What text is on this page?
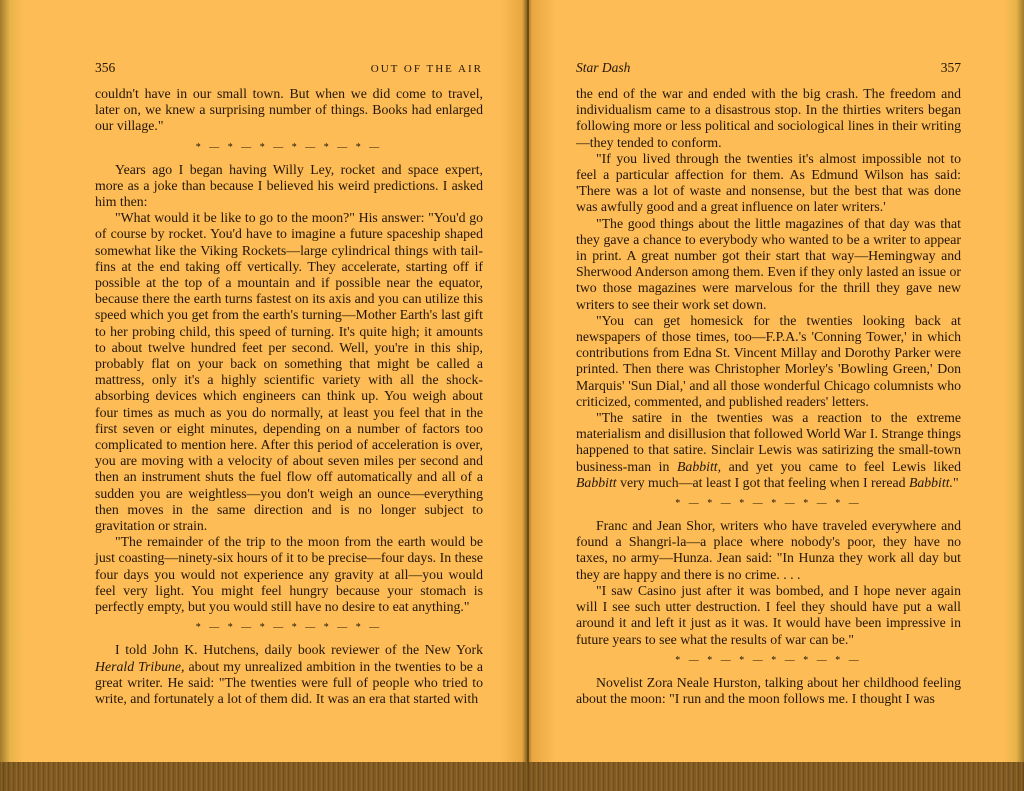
356	OUT OF THE AIR

couldn't have in our small town. But when we did come to travel, later on, we knew a surprising number of things. Books had enlarged our village."

* — * — * — * — * — * —

Years ago I began having Willy Ley, rocket and space expert, more as a joke than because I believed his weird predictions. I asked him then:

"What would it be like to go to the moon?" His answer: "You'd go of course by rocket. You'd have to imagine a future spaceship shaped somewhat like the Viking Rockets—large cylindrical things with tail-fins at the end taking off vertically. They accelerate, starting off if possible at the top of a mountain and if possible near the equator, because there the earth turns fastest on its axis and you can utilize this speed which you get from the earth's turning—Mother Earth's last gift to her probing child, this speed of turning. It's quite high; it amounts to about twelve hundred feet per second. Well, you're in this ship, probably flat on your back on something that might be called a mattress, only it's a highly scientific variety with all the shock-absorbing devices which engineers can think up. You weigh about four times as much as you do normally, at least you feel that in the first seven or eight minutes, depending on a number of factors too complicated to mention here. After this period of acceleration is over, you are moving with a velocity of about seven miles per second and then an instrument shuts the fuel flow off automatically and all of a sudden you are weightless—you don't weigh an ounce—everything then moves in the same direction and is no longer subject to gravitation or strain.

"The remainder of the trip to the moon from the earth would be just coasting—ninety-six hours of it to be precise—four days. In these four days you would not experience any gravity at all—you would feel very light. You might feel hungry because your stomach is perfectly empty, but you would still have no desire to eat anything."

* — * — * — * — * — * —

I told John K. Hutchens, daily book reviewer of the New York Herald Tribune, about my unrealized ambition in the twenties to be a great writer. He said: "The twenties were full of people who tried to write, and fortunately a lot of them did. It was an era that started with

Star Dash	357

the end of the war and ended with the big crash. The freedom and individualism came to a disastrous stop. In the thirties writers began following more or less political and sociological lines in their writing—they tended to conform.

"If you lived through the twenties it's almost impossible not to feel a particular affection for them. As Edmund Wilson has said: 'There was a lot of waste and nonsense, but the best that was done was awfully good and a great influence on later writers.'

"The good things about the little magazines of that day was that they gave a chance to everybody who wanted to be a writer to appear in print. A great number got their start that way—Hemingway and Sherwood Anderson among them. Even if they only lasted an issue or two those magazines were marvelous for the thrill they gave new writers to see their work set down.

"You can get homesick for the twenties looking back at newspapers of those times, too—F.P.A.'s 'Conning Tower,' in which contributions from Edna St. Vincent Millay and Dorothy Parker were printed. Then there was Christopher Morley's 'Bowling Green,' Don Marquis' 'Sun Dial,' and all those wonderful Chicago columnists who criticized, commented, and published readers' letters.

"The satire in the twenties was a reaction to the extreme materialism and disillusion that followed World War I. Strange things happened to that satire. Sinclair Lewis was satirizing the small-town business-man in Babbitt, and yet you came to feel Lewis liked Babbitt very much—at least I got that feeling when I reread Babbitt."

* — * — * — * — * — * —

Franc and Jean Shor, writers who have traveled everywhere and found a Shangri-la—a place where nobody's poor, they have no taxes, no army—Hunza. Jean said: "In Hunza they work all day but they are happy and there is no crime. . . .

"I saw Casino just after it was bombed, and I hope never again will I see such utter destruction. I feel they should have put a wall around it and left it just as it was. It would have been impressive in future years to see what the results of war can be."

* — * — * — * — * — * —

Novelist Zora Neale Hurston, talking about her childhood feeling about the moon: "I run and the moon follows me. I thought I was
